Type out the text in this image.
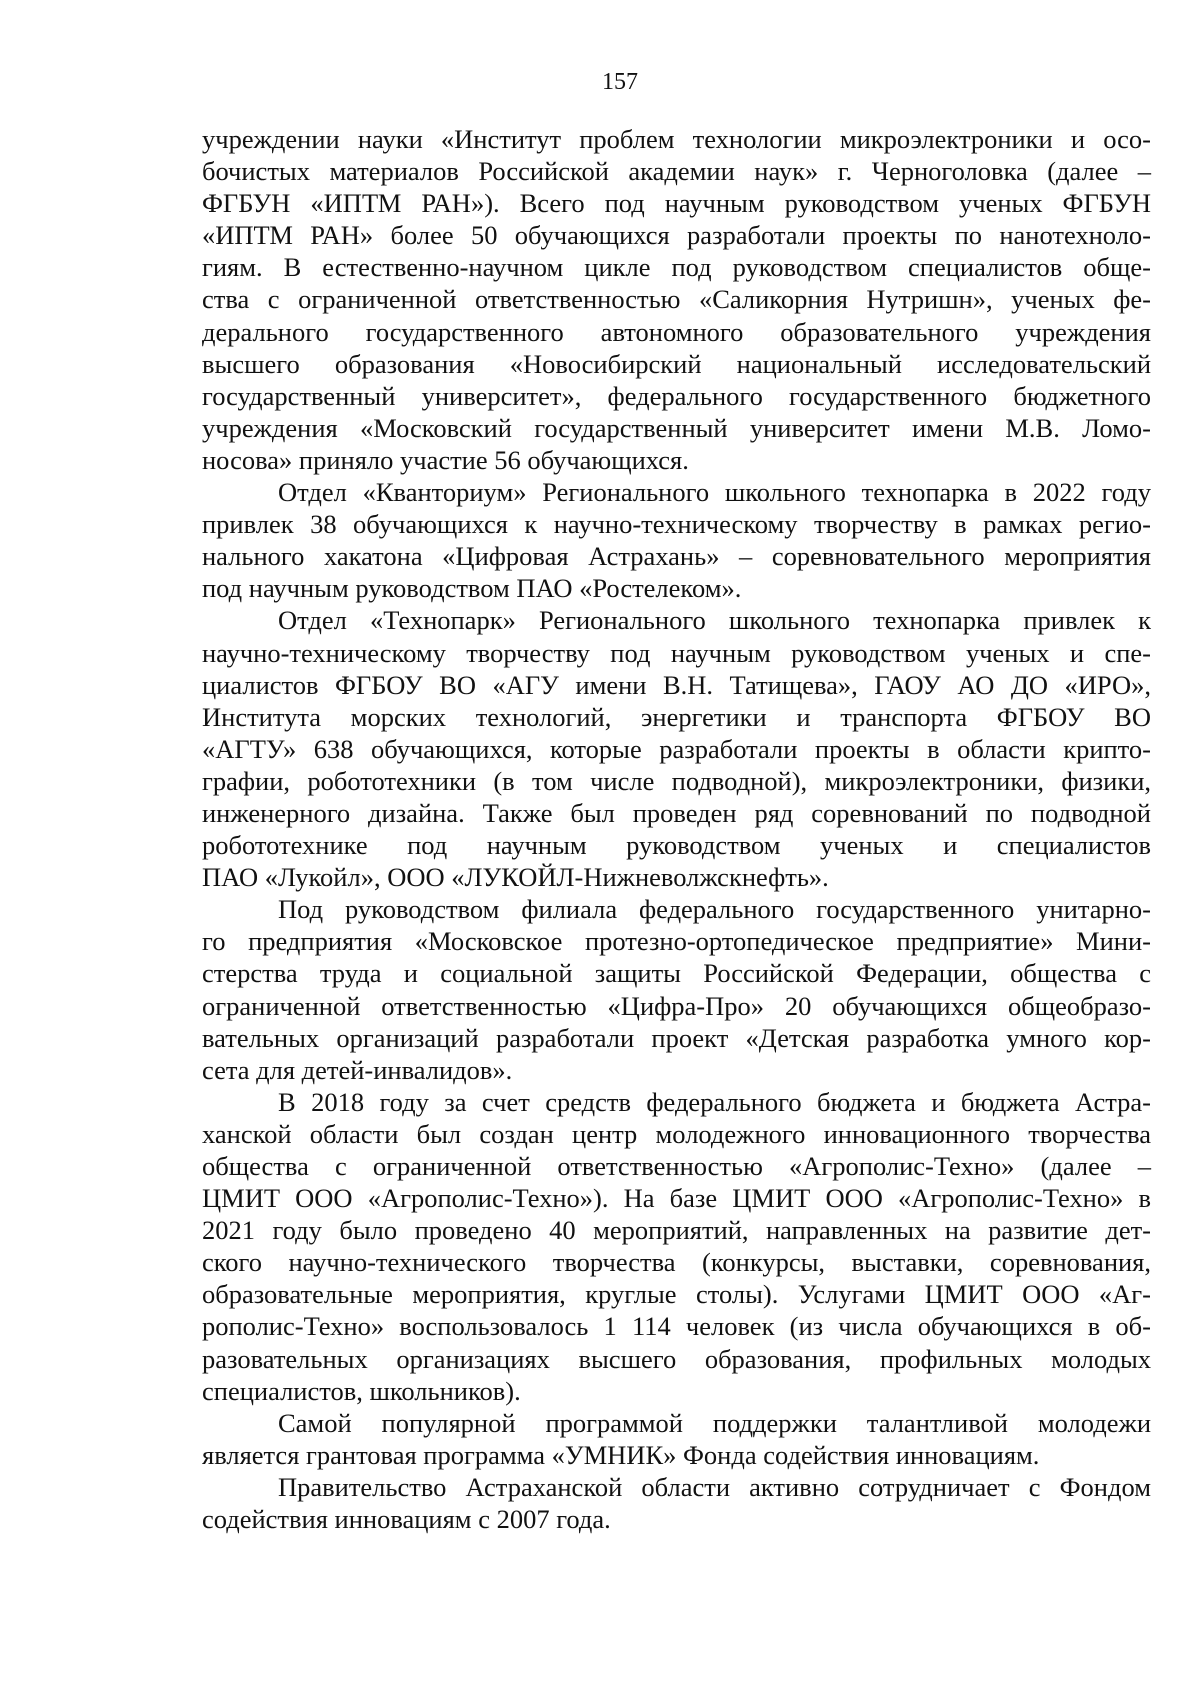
157
учреждении науки «Институт проблем технологии микроэлектроники и осо-
бочистых материалов Российской академии наук» г. Черноголовка (далее –
ФГБУН «ИПТМ РАН»). Всего под научным руководством ученых ФГБУН
«ИПТМ РАН» более 50 обучающихся разработали проекты по нанотехноло-
гиям. В естественно-научном цикле под руководством специалистов обще-
ства с ограниченной ответственностью «Саликорния Нутришн», ученых фе-
дерального государственного автономного образовательного учреждения
высшего образования «Новосибирский национальный исследовательский
государственный университет», федерального государственного бюджетного
учреждения «Московский государственный университет имени М.В. Ломо-
носова» приняло участие 56 обучающихся.
Отдел «Кванториум» Регионального школьного технопарка в 2022 году
привлек 38 обучающихся к научно-техническому творчеству в рамках регио-
нального хакатона «Цифровая Астрахань» – соревновательного мероприятия
под научным руководством ПАО «Ростелеком».
Отдел «Технопарк» Регионального школьного технопарка привлек к
научно-техническому творчеству под научным руководством ученых и спе-
циалистов ФГБОУ ВО «АГУ имени В.Н. Татищева», ГАОУ АО ДО «ИРО»,
Института морских технологий, энергетики и транспорта ФГБОУ ВО
«АГТУ» 638 обучающихся, которые разработали проекты в области крипто-
графии, робототехники (в том числе подводной), микроэлектроники, физики,
инженерного дизайна. Также был проведен ряд соревнований по подводной
робототехнике под научным руководством ученых и специалистов
ПАО «Лукойл», ООО «ЛУКОЙЛ-Нижневолжскнефть».
Под руководством филиала федерального государственного унитарно-
го предприятия «Московское протезно-ортопедическое предприятие» Мини-
стерства труда и социальной защиты Российской Федерации, общества с
ограниченной ответственностью «Цифра-Про» 20 обучающихся общеобразо-
вательных организаций разработали проект «Детская разработка умного кор-
сета для детей-инвалидов».
В 2018 году за счет средств федерального бюджета и бюджета Астра-
ханской области был создан центр молодежного инновационного творчества
общества с ограниченной ответственностью «Агрополис-Техно» (далее –
ЦМИТ ООО «Агрополис-Техно»). На базе ЦМИТ ООО «Агрополис-Техно» в
2021 году было проведено 40 мероприятий, направленных на развитие дет-
ского научно-технического творчества (конкурсы, выставки, соревнования,
образовательные мероприятия, круглые столы). Услугами ЦМИТ ООО «Аг-
рополис-Техно» воспользовалось 1 114 человек (из числа обучающихся в об-
разовательных организациях высшего образования, профильных молодых
специалистов, школьников).
Самой популярной программой поддержки талантливой молодежи
является грантовая программа «УМНИК» Фонда содействия инновациям.
Правительство Астраханской области активно сотрудничает с Фондом
содействия инновациям с 2007 года.
